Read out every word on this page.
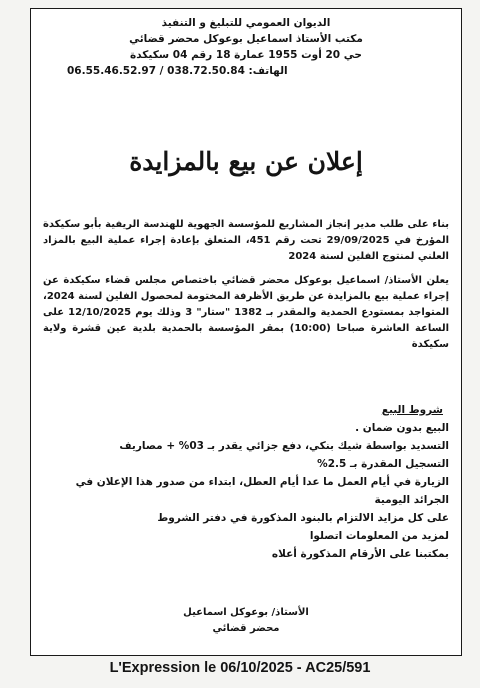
الديوان العمومي للتبليغ و التنفيذ
مكتب الأستاذ اسماعيل بوعوكل محضر قضائي
حي 20 أوت 1955 عمارة 18 رقم 04 سكيكدة
الهاتف: 038.72.50.84 / 06.55.46.52.97
إعلان عن بيع بالمزايدة

بناء على طلب مدير إنجاز المشاريع للمؤسسة الجهوية للهندسة الريفية بأبو سكيكدة المؤرخ في 29/09/2025 تحت رقم 451، المتعلق بإعادة إجراء عملية البيع بالمزاد العلني لمنتوج الفلين لسنة 2024

يعلن الأستاذ/ اسماعيل بوعوكل محضر قضائي باختصاص مجلس قضاء سكيكدة عن إجراء عملية بيع بالمزايدة عن طريق الأظرفة المختومة لمحصول الفلين لسنة 2024، المتواجد بمستودع الحمدية والمقدر بـ 1382 "ستار" 3 وذلك يوم 12/10/2025 على الساعة العاشرة صباحا (10:00) بمقر المؤسسة بالحمدية بلدية عين قشرة ولاية سكيكدة

شروط البيع
البيع بدون ضمان .
التسديد بواسطة شيك بنكي، دفع جزائي يقدر بـ 03% + مصاريف
التسجيل المقدرة بـ 2.5%
الزيارة في أيام العمل ما عدا أيام العطل، ابتداء من صدور هذا الإعلان في الجرائد اليومية
على كل مزايد الالتزام بالبنود المذكورة في دفتر الشروط
لمزيد من المعلومات اتصلوا
بمكتبنا على الأرقام المذكورة أعلاه
الأستاذ/ بوعوكل اسماعيل
محضر قضائي
L'Expression le 06/10/2025 - AC25/591
